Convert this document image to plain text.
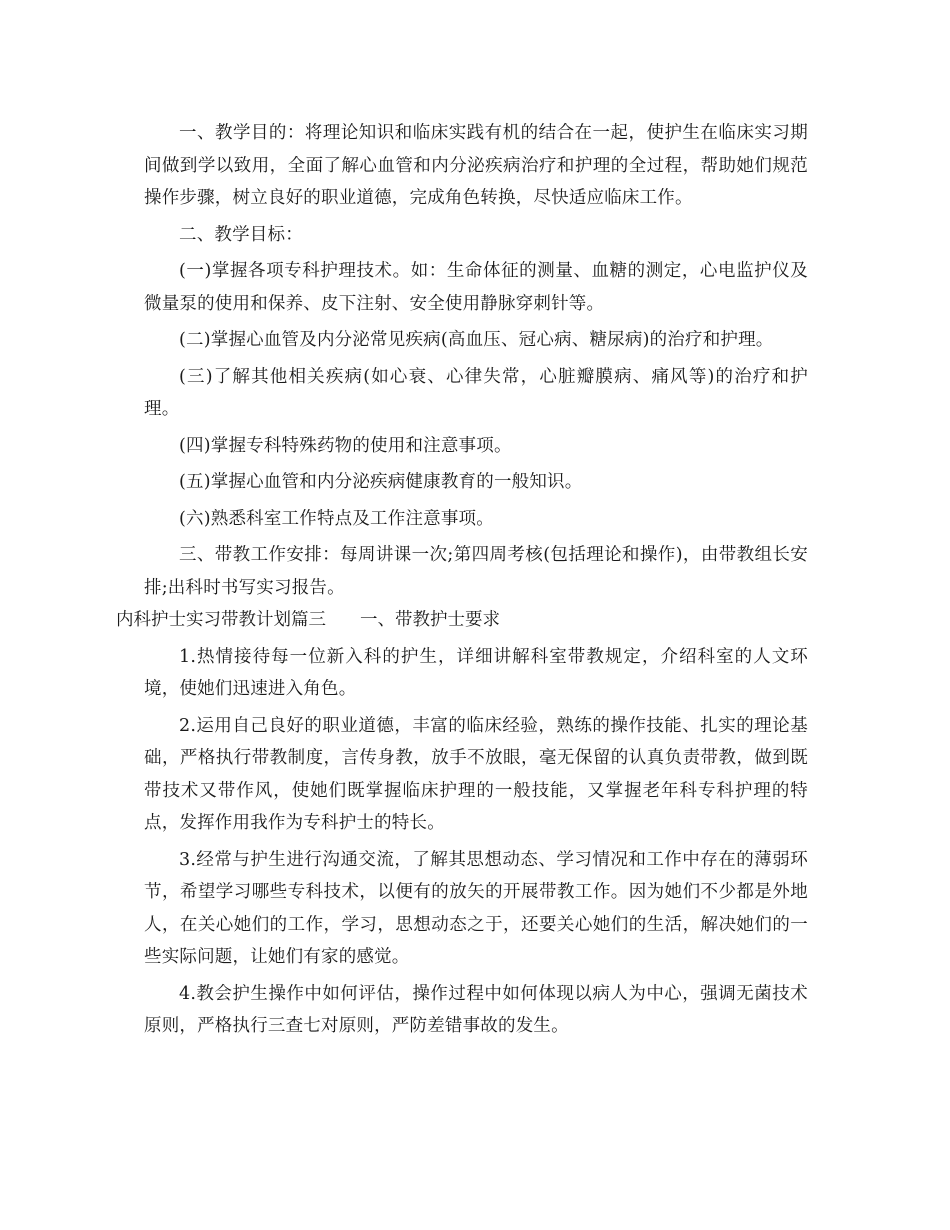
一、教学目的：将理论知识和临床实践有机的结合在一起，使护生在临床实习期间做到学以致用，全面了解心血管和内分泌疾病治疗和护理的全过程，帮助她们规范操作步骤，树立良好的职业道德，完成角色转换，尽快适应临床工作。

二、教学目标：

(一)掌握各项专科护理技术。如：生命体征的测量、血糖的测定，心电监护仪及微量泵的使用和保养、皮下注射、安全使用静脉穿刺针等。

(二)掌握心血管及内分泌常见疾病(高血压、冠心病、糖尿病)的治疗和护理。

(三)了解其他相关疾病(如心衰、心律失常，心脏瓣膜病、痛风等)的治疗和护理。

(四)掌握专科特殊药物的使用和注意事项。

(五)掌握心血管和内分泌疾病健康教育的一般知识。

(六)熟悉科室工作特点及工作注意事项。

三、带教工作安排：每周讲课一次;第四周考核(包括理论和操作)，由带教组长安排;出科时书写实习报告。

内科护士实习带教计划篇三 一、带教护士要求

1.热情接待每一位新入科的护生，详细讲解科室带教规定，介绍科室的人文环境，使她们迅速进入角色。

2.运用自己良好的职业道德，丰富的临床经验，熟练的操作技能、扎实的理论基础，严格执行带教制度，言传身教，放手不放眼，毫无保留的认真负责带教，做到既带技术又带作风，使她们既掌握临床护理的一般技能，又掌握老年科专科护理的特点，发挥作用我作为专科护士的特长。

3.经常与护生进行沟通交流，了解其思想动态、学习情况和工作中存在的薄弱环节，希望学习哪些专科技术，以便有的放矢的开展带教工作。因为她们不少都是外地人，在关心她们的工作，学习，思想动态之于，还要关心她们的生活，解决她们的一些实际问题，让她们有家的感觉。

4.教会护生操作中如何评估，操作过程中如何体现以病人为中心，强调无菌技术原则，严格执行三查七对原则，严防差错事故的发生。
